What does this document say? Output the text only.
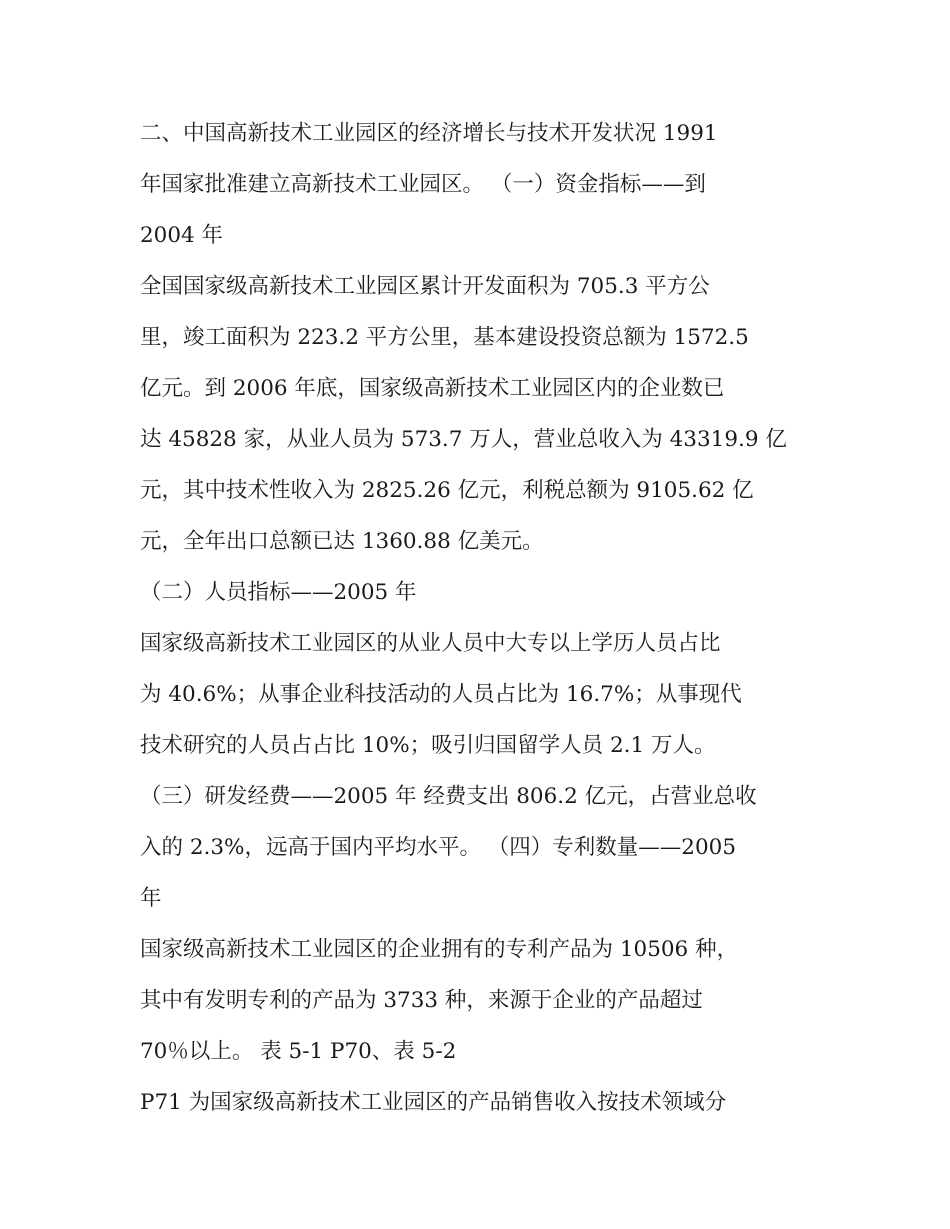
二、中国高新技术工业园区的经济增长与技术开发状况 1991
年国家批准建立高新技术工业园区。 （一）资金指标——到
2004 年
全国国家级高新技术工业园区累计开发面积为 705.3 平方公
里，竣工面积为 223.2 平方公里，基本建设投资总额为 1572.5
亿元。到 2006 年底，国家级高新技术工业园区内的企业数已
达 45828 家，从业人员为 573.7 万人，营业总收入为 43319.9 亿
元，其中技术性收入为 2825.26 亿元，利税总额为 9105.62 亿
元，全年出口总额已达 1360.88 亿美元。
（二）人员指标——2005 年
国家级高新技术工业园区的从业人员中大专以上学历人员占比
为 40.6%；从事企业科技活动的人员占比为 16.7%；从事现代
技术研究的人员占占比 10%；吸引归国留学人员 2.1 万人。
（三）研发经费——2005 年 经费支出 806.2 亿元，占营业总收
入的 2.3%，远高于国内平均水平。 （四）专利数量——2005
年
国家级高新技术工业园区的企业拥有的专利产品为 10506 种，
其中有发明专利的产品为 3733 种，来源于企业的产品超过
70％以上。 表 5-1 P70、表 5-2
P71 为国家级高新技术工业园区的产品销售收入按技术领域分
